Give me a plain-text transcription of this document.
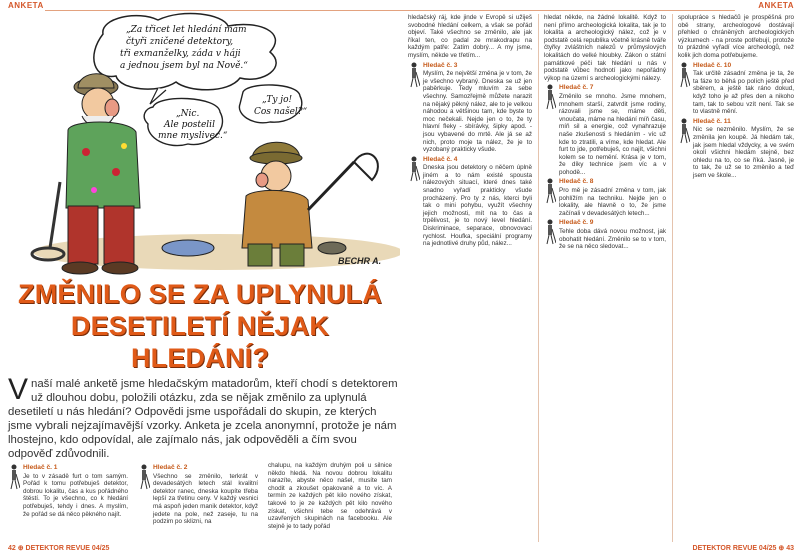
ANKETA
„Za třicet let hledání mám
čtyři zničené detektory,
tři exmanželky, záda v háji
a jednou jsem byl na Nově.“
„Nic.
Ale postelil
mne myslivec.“
„Ty jo!
Cos našel?“
BECHR A.
ZMĚNILO SE ZA UPLYNULÁ
DESETILETÍ NĚJAK HLEDÁNÍ?
Vnaší malé anketě jsme hledačským matadorům, kteří chodí s detektorem už dlouhou dobu, položili otázku, zda se nějak změnilo za uplynulá desetiletí u nás hledání? Odpovědi jsme uspořádali do skupin, ze kterých jsme vybrali nejzajímavější vzorky. Anketa je zcela anonymní, protože je nám lhostejno, kdo odpovídal, ale zajímalo nás, jak odpověděli a čím svou odpověď zdůvodnili.
Hledač č. 1
Je to v zásadě furt o tom samým. Pořád k tomu potřebuješ detektor, dobrou lokalitu, čas a kus pořádného štěstí. To je všechno, co k hledání potřebuješ, tehdy i dnes. A myslím, že pořád se dá něco pěkného najít.
Hledač č. 2
Všechno se změnilo, terkrát v devadesátých letech stál kvalitní detektor ranec, dneska koupíte třeba lepší za třetinu ceny. V každý vesnici má aspoň jeden manik detektor, když jedete na pole, než zaseje, tu na podzim po sklizni, na

chalupu, na každým druhým poli u silnice někdo hledá. Na novou dobrou lokalitu narazíte, abyste něco našel, musíte tam chodit a zkoušet opakovaně a to víc. A termín ze každých pět kilo nového získat, takové to je ze každých pět kilo nového získat, všichni tebe se odehrává v uzavřených skupinách na facebooku. Ale stejně je to tady pořád

42 ⊕ DETEKTOR REVUE 04/25
ANKETA

hledačský ráj, kde jinde v Evropě si užiješ svobodné hledání celkem, a však se pořád objeví. Také všechno se změnilo, ale jak říkal ten, co padal ze mrakodrapu na každým patře: Zatím dobrý... A my jsme, myslím, někde ve třetím...

Hledač č. 3
Myslím, že největší změna je v tom, že je všechno vybraný. Dneska se už jen paběrkuje. Tedy mluvím za sebe všechny. Samozřejmě můžete narazit na nějaký pěkný nález, ale to je velkou náhodou a většinou tam, kde byste to moc nečekali. Nejde jen o to, že ty hlavní fleky - sbírávky, šipky apod. - jsou vybavené do mrtě. Ale já se až nich, proto moje ta nález, že je to vyzobaný prakticky všude.
Hledač č. 4
Dneska jsou detektory o něčem úplně jiném a to nám existé spousta nálezových situací, které dnes také snadno vyřadí prakticky všude procházený. Pro ty z nás, kterci byli tak o mini pohybu, využít všechny jejich možnosti, mít na to čas a trpělivost, je to nový level hledání. Diskriminace, separace, obnovovací rychlost. Houfka, speciální programy na jednotlivé druhy půd, nález...

hledat někde, na žádné lokalitě. Když to není přímo archeologická lokalita, tak je to lokalita a archeologický nález, což je v podstatě celá republika včetně krásně tváře čtyřky zvláštních nalezů v průmyslových lokalitách do velké hloubky. Zákon o státní památkové péči tak hledání u nás v podstatě vůbec hodnotí jako nepořádný výkop na území s archeologickými nálezy.

Hledač č. 7
Změnilo se mnoho. Jsme mnohem, mnohem starší, zatvrdit jsme rodiny, rázovali jsme se, máme děti, vnoučata, máme na hledání míň času, míň sil a energie, což vynahrazuje naše zkušenosti s hledáním - víc už kde to ztratili, a víme, kde hledat. Ale furt to jde, potřebuješ, co najít, všichni kolem se to nemění. Krása je v tom, že díky technice jsem víc a v pohodě...
Hledač č. 8
Pro mě je zásadní změna v tom, jak pohlížím na techniku. Nejde jen o lokality, ale hlavně o to, že jsme začínali v devadesátých letech...
Hledač č. 9
Tehle doba dává novou možnost, jak obohatit hledání. Změnilo se to v tom, že se na něco sledovat...

spolupráce s hledačů je prospěšná pro obě strany, archeologové dostávají přehled o chráněných archeologických výzkumech - na proste potřebují, protože to prázdné vyřadí více archeologů, než kolik jich doma potřebujeme.

Hledač č. 10
Tak určitě zásadní změna je ta, že ta fáze to běhá po polích ještě před sběrem, a ještě tak ráno dokud, když toho je až přes den a nikoho tam, tak to sebou vzít není. Tak se to vlastně mění.
Hledač č. 11
Nic se nezměnilo. Myslím, že se změnila jen koupě. Já hledám tak, jak jsem hledal vždycky, a ve svém okolí všichni hledám stejně, bez ohledu na to, co se říká. Jasně, je to tak, že už se to změnilo a teď jsem ve škole...
DETEKTOR REVUE 04/25 ⊕ 43
